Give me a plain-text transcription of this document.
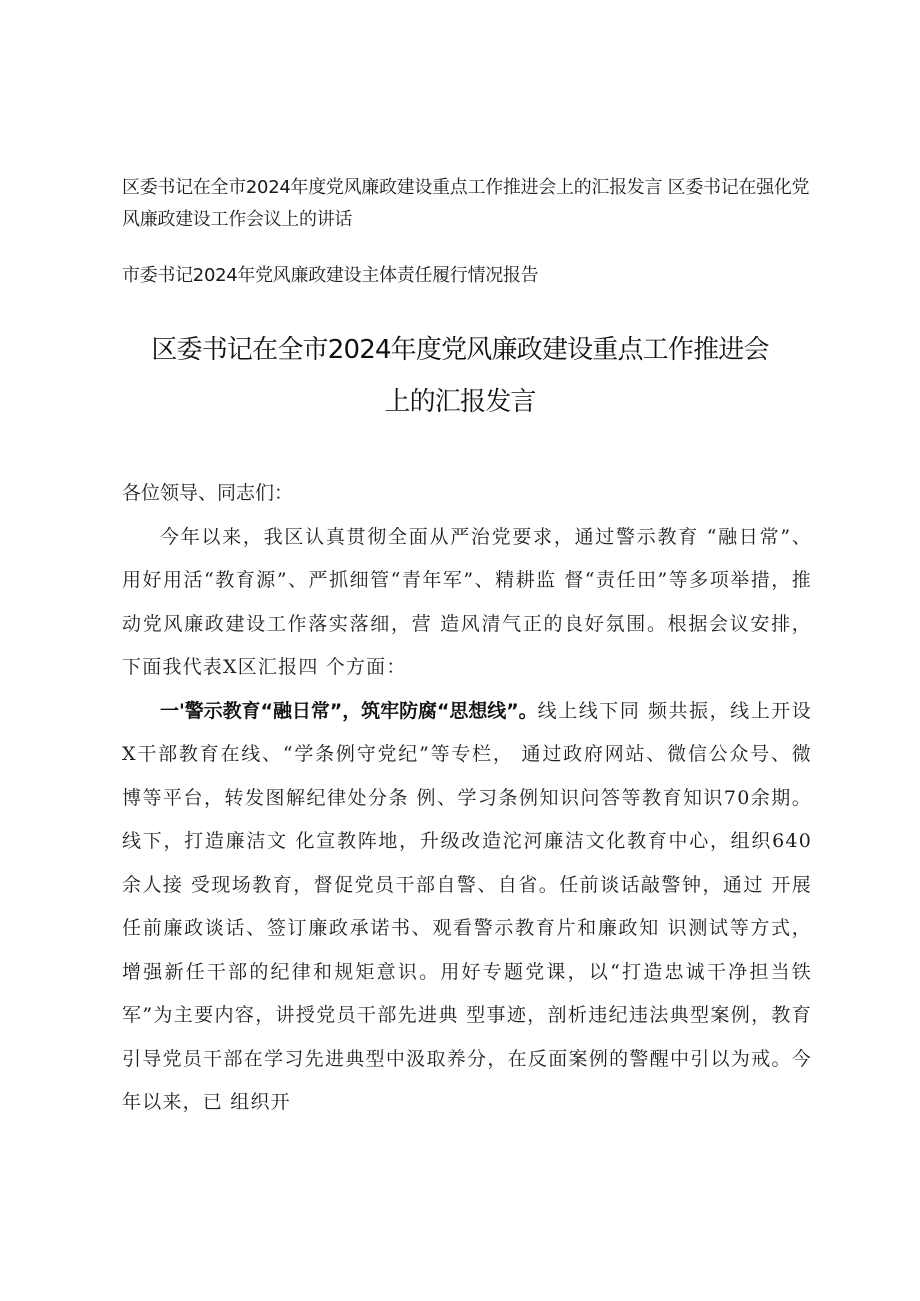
区委书记在全市2024年度党风廉政建设重点工作推进会上的汇报发言 区委书记在强化党风廉政建设工作会议上的讲话
市委书记2024年党风廉政建设主体责任履行情况报告
区委书记在全市2024年度党风廉政建设重点工作推进会
上的汇报发言

各位领导、同志们：

今年以来，我区认真贯彻全面从严治党要求，通过警示教育 “融日常”、用好用活“教育源”、严抓细管“青年军”、精耕监 督“责任田”等多项举措，推动党风廉政建设工作落实落细，营 造风清气正的良好氛围。根据会议安排，下面我代表X区汇报四 个方面：

一'警示教育“融日常”，筑牢防腐“思想线”。线上线下同 频共振，线上开设X干部教育在线、“学条例守党纪”等专栏， 通过政府网站、微信公众号、微博等平台，转发图解纪律处分条 例、学习条例知识问答等教育知识70余期。线下，打造廉洁文 化宣教阵地，升级改造沱河廉洁文化教育中心，组织640余人接 受现场教育，督促党员干部自警、自省。任前谈话敲警钟，通过 开展任前廉政谈话、签订廉政承诺书、观看警示教育片和廉政知 识测试等方式，增强新任干部的纪律和规矩意识。用好专题党课，以“打造忠诚干净担当铁军”为主要内容，讲授党员干部先进典 型事迹，剖析违纪违法典型案例，教育引导党员干部在学习先进典型中汲取养分，在反面案例的警醒中引以为戒。今年以来，已 组织开
